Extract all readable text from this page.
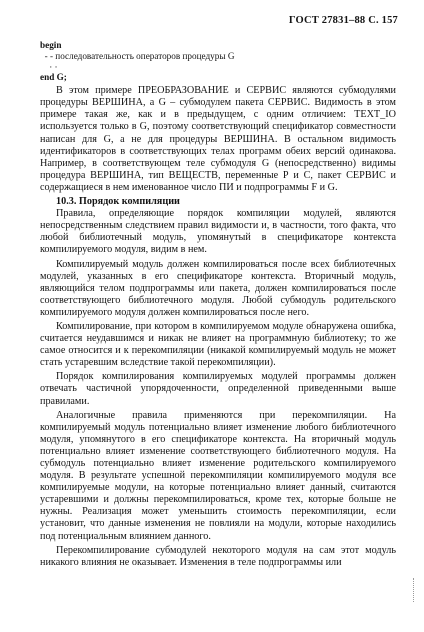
ГОСТ 27831–88 С. 157
begin
- - последовательность операторов процедуры G
· ·
end G;

В этом примере ПРЕОБРАЗОВАНИЕ и СЕРВИС являются субмодулями процедуры ВЕРШИНА, а G – субмодулем пакета СЕРВИС. Видимость в этом примере такая же, как и в предыдущем, с одним отличием: TEXT_IO используется только в G, поэтому соответствующий спецификатор совместности написан для G, а не для процедуры ВЕРШИНА. В остальном видимость идентификаторов в соответствующих телах программ обеих версий одинакова. Например, в соответствующем теле субмодуля G (непосредственно) видимы процедура ВЕРШИНА, тип ВЕЩЕСТВ, переменные Р и С, пакет СЕРВИС и содержащиеся в нем именованное число ПИ и подпрограммы F и G.

10.3. Порядок компиляции

Правила, определяющие порядок компиляции модулей, являются непосредственным следствием правил видимости и, в частности, того факта, что любой библиотечный модуль, упомянутый в спецификаторе контекста компилируемого модуля, видим в нем.

Компилируемый модуль должен компилироваться после всех библиотечных модулей, указанных в его спецификаторе контекста. Вторичный модуль, являющийся телом подпрограммы или пакета, должен компилироваться после соответствующего библиотечного модуля. Любой субмодуль родительского компилируемого модуля должен компилироваться после него.

Компилирование, при котором в компилируемом модуле обнаружена ошибка, считается неудавшимся и никак не влияет на программную библиотеку; то же самое относится и к перекомпиляции (никакой компилируемый модуль не может стать устаревшим вследствие такой перекомпиляции).

Порядок компилирования компилируемых модулей программы должен отвечать частичной упорядоченности, определенной приведенными выше правилами.

Аналогичные правила применяются при перекомпиляции. На компилируемый модуль потенциально влияет изменение любого библиотечного модуля, упомянутого в его спецификаторе контекста. На вторичный модуль потенциально влияет изменение соответствующего библиотечного модуля. На субмодуль потенциально влияет изменение родительского компилируемого модуля. В результате успешной перекомпиляции компилируемого модуля все компилируемые модули, на которые потенциально влияет данный, считаются устаревшими и должны перекомпилироваться, кроме тех, которые больше не нужны. Реализация может уменьшить стоимость перекомпиляции, если установит, что данные изменения не повлияли на модули, которые находились под потенциальным влиянием данного.

Перекомпилирование субмодулей некоторого модуля на сам этот модуль никакого влияния не оказывает. Изменения в теле подпрограммы или
